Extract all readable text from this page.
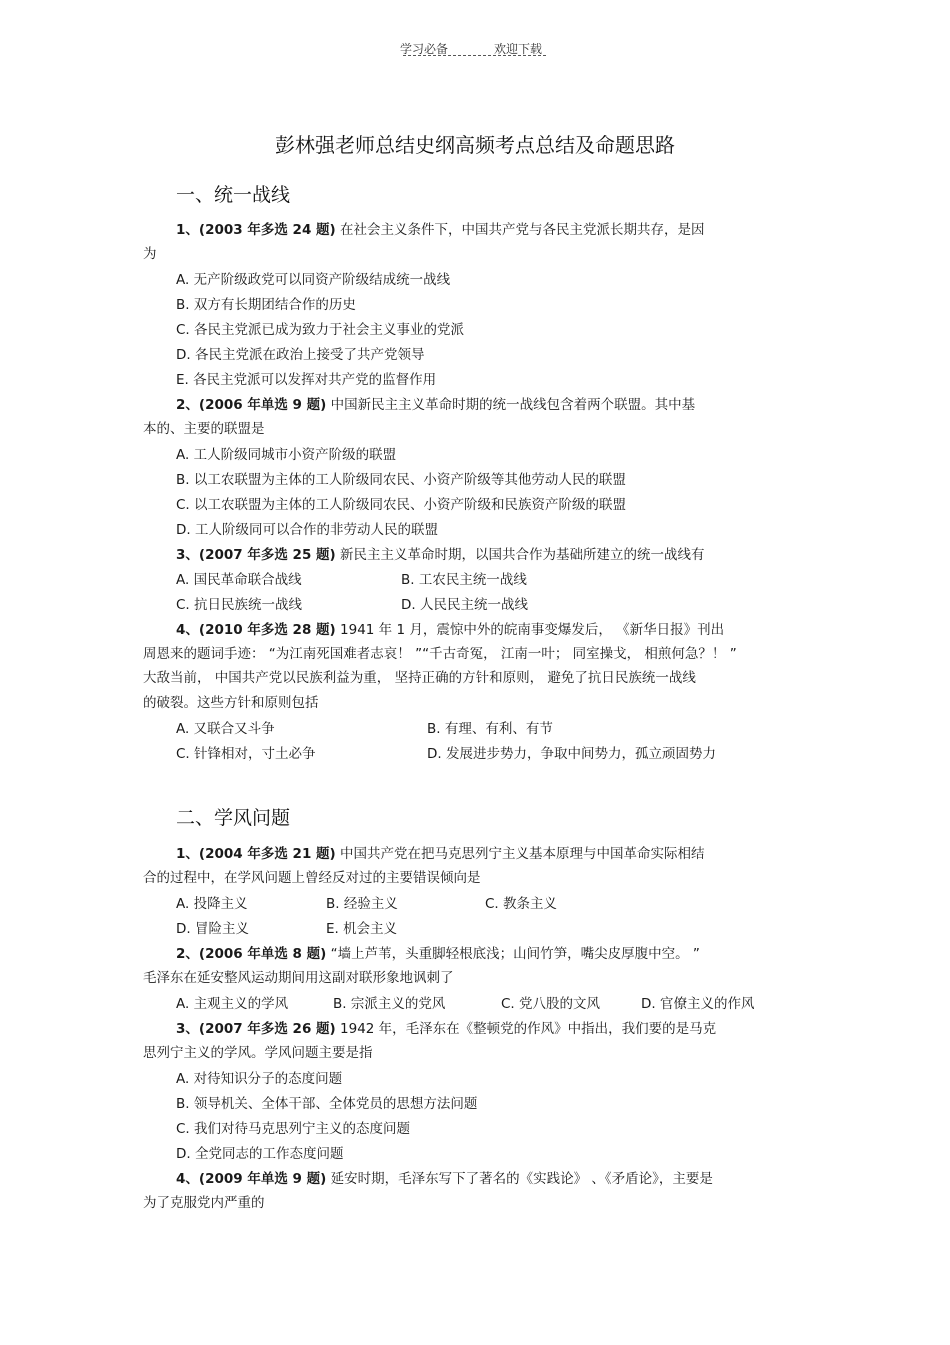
学习必备	欢迎下载
彭林强老师总结史纲高频考点总结及命题思路
一、统一战线
1、(2003 年多选 24 题) 在社会主义条件下，中国共产党与各民主党派长期共存，是因
为
A. 无产阶级政党可以同资产阶级结成统一战线
B. 双方有长期团结合作的历史
C. 各民主党派已成为致力于社会主义事业的党派
D. 各民主党派在政治上接受了共产党领导
E. 各民主党派可以发挥对共产党的监督作用
2、(2006 年单选 9 题) 中国新民主主义革命时期的统一战线包含着两个联盟。其中基
本的、主要的联盟是
A. 工人阶级同城市小资产阶级的联盟
B. 以工农联盟为主体的工人阶级同农民、小资产阶级等其他劳动人民的联盟
C. 以工农联盟为主体的工人阶级同农民、小资产阶级和民族资产阶级的联盟
D. 工人阶级同可以合作的非劳动人民的联盟
3、(2007 年多选 25 题) 新民主主义革命时期，以国共合作为基础所建立的统一战线有
A. 国民革命联合战线	B. 工农民主统一战线
C. 抗日民族统一战线	D. 人民民主统一战线
4、(2010 年多选 28 题) 1941 年 1 月，震惊中外的皖南事变爆发后， 《新华日报》刊出
周恩来的题词手迹： “为江南死国难者志哀！ ”“千古奇冤， 江南一叶； 同室操戈， 相煎何急？！ ”
大敌当前， 中国共产党以民族利益为重， 坚持正确的方针和原则， 避免了抗日民族统一战线
的破裂。这些方针和原则包括
A. 又联合又斗争	B. 有理、有利、有节
C. 针锋相对，寸土必争	D. 发展进步势力，争取中间势力，孤立顽固势力
二、学风问题
1、(2004 年多选 21 题) 中国共产党在把马克思列宁主义基本原理与中国革命实际相结
合的过程中，在学风问题上曾经反对过的主要错误倾向是
A. 投降主义	B. 经验主义	C. 教条主义
D. 冒险主义	E. 机会主义
2、(2006 年单选 8 题) “墙上芦苇，头重脚轻根底浅；山间竹笋，嘴尖皮厚腹中空。 ”
毛泽东在延安整风运动期间用这副对联形象地讽刺了
A. 主观主义的学风	B. 宗派主义的党风	C. 党八股的文风	D. 官僚主义的作风
3、(2007 年多选 26 题) 1942 年，毛泽东在《整顿党的作风》中指出，我们要的是马克
思列宁主义的学风。学风问题主要是指
A. 对待知识分子的态度问题
B. 领导机关、全体干部、全体党员的思想方法问题
C. 我们对待马克思列宁主义的态度问题
D. 全党同志的工作态度问题
4、(2009 年单选 9 题) 延安时期，毛泽东写下了著名的《实践论》 、《矛盾论》，主要是
为了克服党内严重的
